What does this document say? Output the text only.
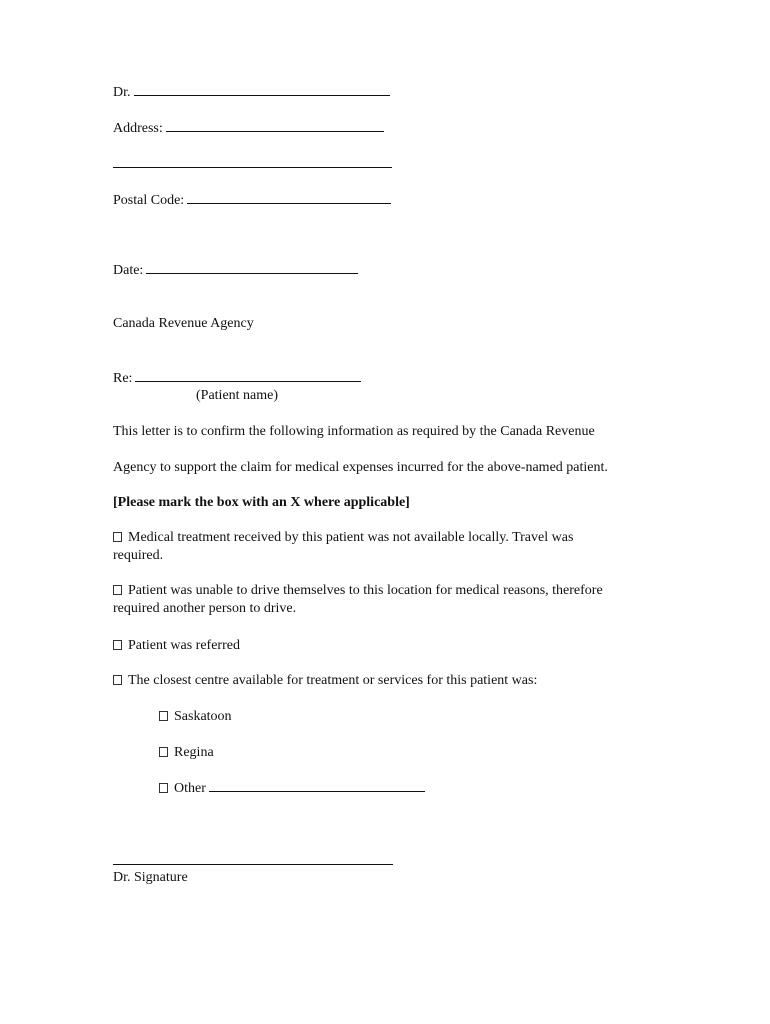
Dr.
Address:
Postal Code:
Date:
Canada Revenue Agency
Re:
(Patient name)
This letter is to confirm the following information as required by the Canada Revenue
Agency to support the claim for medical expenses incurred for the above-named patient.
[Please mark the box with an X where applicable]
Medical treatment received by this patient was not available locally. Travel was
required.
Patient was unable to drive themselves to this location for medical reasons, therefore
required another person to drive.
Patient was referred
The closest centre available for treatment or services for this patient was:
Saskatoon
Regina
Other
Dr. Signature
